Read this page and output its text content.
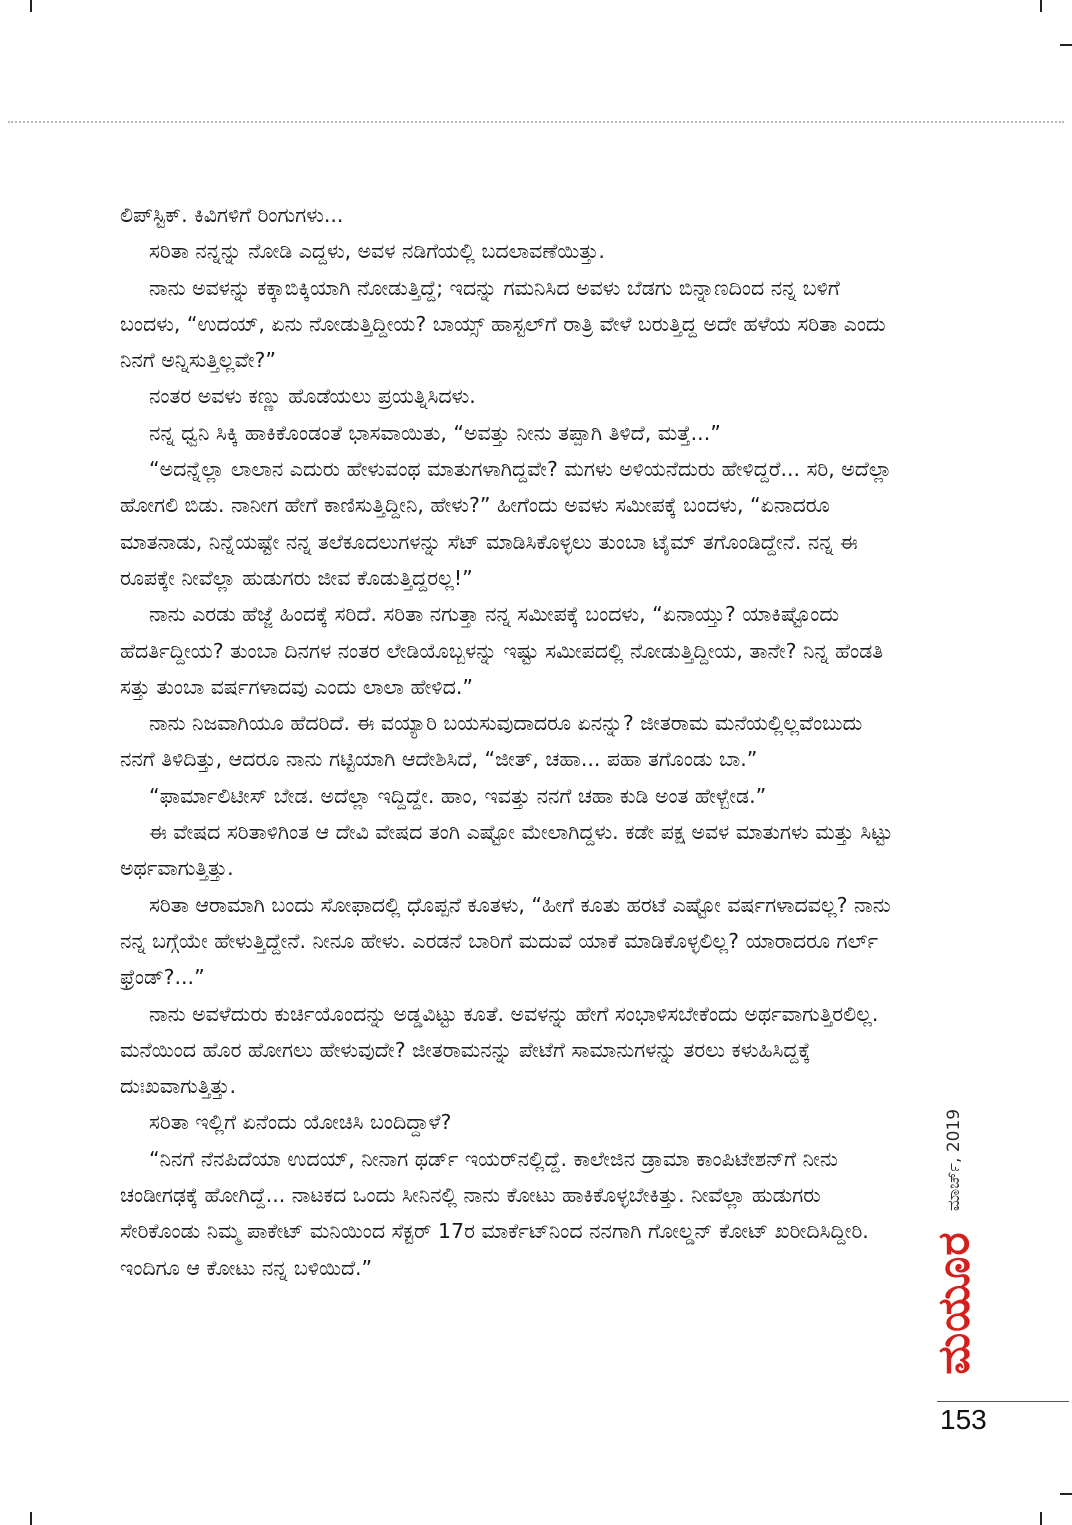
ಲಿಪ್‌ಸ್ಟಿಕ್. ಕಿವಿಗಳಿಗೆ ರಿಂಗುಗಳು...

ಸರಿತಾ ನನ್ನನ್ನು ನೋಡಿ ಎದ್ದಳು, ಅವಳ ನಡಿಗೆಯಲ್ಲಿ ಬದಲಾವಣೆಯಿತ್ತು.

ನಾನು ಅವಳನ್ನು ಕಕ್ಕಾಬಿಕ್ಕಿಯಾಗಿ ನೋಡುತ್ತಿದ್ದೆ; ಇದನ್ನು ಗಮನಿಸಿದ ಅವಳು ಬೆಡಗು ಬಿನ್ನಾಣದಿಂದ ನನ್ನ ಬಳಿಗೆ ಬಂದಳು, “ಉದಯ್, ಏನು ನೋಡುತ್ತಿದ್ದೀಯ? ಬಾಯ್ಸ್ ಹಾಸ್ಟಲ್‌ಗೆ ರಾತ್ರಿ ವೇಳೆ ಬರುತ್ತಿದ್ದ ಅದೇ ಹಳೆಯ ಸರಿತಾ ಎಂದು ನಿನಗೆ ಅನ್ನಿಸುತ್ತಿಲ್ಲವೇ?”

ನಂತರ ಅವಳು ಕಣ್ಣು ಹೊಡೆಯಲು ಪ್ರಯತ್ನಿಸಿದಳು.

ನನ್ನ ಧ್ವನಿ ಸಿಕ್ಕಿ ಹಾಕಿಕೊಂಡಂತೆ ಭಾಸವಾಯಿತು, “ಅವತ್ತು ನೀನು ತಪ್ಪಾಗಿ ತಿಳಿದೆ, ಮತ್ತೆ...”

“ಅದನ್ನೆಲ್ಲಾ ಲಾಲಾನ ಎದುರು ಹೇಳುವಂಥ ಮಾತುಗಳಾಗಿದ್ದವೇ? ಮಗಳು ಅಳಿಯನೆದುರು ಹೇಳಿದ್ದರೆ... ಸರಿ, ಅದೆಲ್ಲಾ ಹೋಗಲಿ ಬಿಡು. ನಾನೀಗ ಹೇಗೆ ಕಾಣಿಸುತ್ತಿದ್ದೀನಿ, ಹೇಳು?” ಹೀಗೆಂದು ಅವಳು ಸಮೀಪಕ್ಕೆ ಬಂದಳು, “ಏನಾದರೂ ಮಾತನಾಡು, ನಿನ್ನೆಯಷ್ಟೇ ನನ್ನ ತಲೆಕೂದಲುಗಳನ್ನು ಸೆಟ್ ಮಾಡಿಸಿಕೊಳ್ಳಲು ತುಂಬಾ ಟೈಮ್ ತಗೊಂಡಿದ್ದೇನೆ. ನನ್ನ ಈ ರೂಪಕ್ಕೇ ನೀವೆಲ್ಲಾ ಹುಡುಗರು ಜೀವ ಕೊಡುತ್ತಿದ್ದರಲ್ಲ!”

ನಾನು ಎರಡು ಹೆಜ್ಜೆ ಹಿಂದಕ್ಕೆ ಸರಿದೆ. ಸರಿತಾ ನಗುತ್ತಾ ನನ್ನ ಸಮೀಪಕ್ಕೆ ಬಂದಳು, “ಏನಾಯ್ತು? ಯಾಕಿಷ್ಟೊಂದು ಹೆದರ್ತಿದ್ದೀಯ? ತುಂಬಾ ದಿನಗಳ ನಂತರ ಲೇಡಿಯೊಬ್ಬಳನ್ನು ಇಷ್ಟು ಸಮೀಪದಲ್ಲಿ ನೋಡುತ್ತಿದ್ದೀಯ, ತಾನೇ? ನಿನ್ನ ಹೆಂಡತಿ ಸತ್ತು ತುಂಬಾ ವರ್ಷಗಳಾದವು ಎಂದು ಲಾಲಾ ಹೇಳಿದ.”

ನಾನು ನಿಜವಾಗಿಯೂ ಹೆದರಿದೆ. ಈ ವಯ್ಯಾರಿ ಬಯಸುವುದಾದರೂ ಏನನ್ನು? ಜೀತರಾಮ ಮನೆಯಲ್ಲಿಲ್ಲವೆಂಬುದು ನನಗೆ ತಿಳಿದಿತ್ತು, ಆದರೂ ನಾನು ಗಟ್ಟಿಯಾಗಿ ಆದೇಶಿಸಿದೆ, “ಜೀತ್, ಚಹಾ... ಪಹಾ ತಗೊಂಡು ಬಾ.”

“ಫಾರ್ಮಾಲಿಟೀಸ್ ಬೇಡ. ಅದೆಲ್ಲಾ ಇದ್ದಿದ್ದೇ. ಹಾಂ, ಇವತ್ತು ನನಗೆ ಚಹಾ ಕುಡಿ ಅಂತ ಹೇಳ್ಬೇಡ.”

ಈ ವೇಷದ ಸರಿತಾಳಿಗಿಂತ ಆ ದೇವಿ ವೇಷದ ತಂಗಿ ಎಷ್ಟೋ ಮೇಲಾಗಿದ್ದಳು. ಕಡೇ ಪಕ್ಷ ಅವಳ ಮಾತುಗಳು ಮತ್ತು ಸಿಟ್ಟು ಅರ್ಥವಾಗುತ್ತಿತ್ತು.

ಸರಿತಾ ಆರಾಮಾಗಿ ಬಂದು ಸೋಫಾದಲ್ಲಿ ಧೊಪ್ಪನೆ ಕೂತಳು, “ಹೀಗೆ ಕೂತು ಹರಟೆ ಎಷ್ಟೋ ವರ್ಷಗಳಾದವಲ್ಲ? ನಾನು ನನ್ನ ಬಗ್ಗೆಯೇ ಹೇಳುತ್ತಿದ್ದೇನೆ. ನೀನೂ ಹೇಳು. ಎರಡನೆ ಬಾರಿಗೆ ಮದುವೆ ಯಾಕೆ ಮಾಡಿಕೊಳ್ಳಲಿಲ್ಲ? ಯಾರಾದರೂ ಗರ್ಲ್ ಫ್ರೆಂಡ್?...”

ನಾನು ಅವಳೆದುರು ಕುರ್ಚಿಯೊಂದನ್ನು ಅಡ್ಡವಿಟ್ಟು ಕೂತೆ. ಅವಳನ್ನು ಹೇಗೆ ಸಂಭಾಳಿಸಬೇಕೆಂದು ಅರ್ಥವಾಗುತ್ತಿರಲಿಲ್ಲ. ಮನೆಯಿಂದ ಹೊರ ಹೋಗಲು ಹೇಳುವುದೇ? ಜೀತರಾಮನನ್ನು ಪೇಟೆಗೆ ಸಾಮಾನುಗಳನ್ನು ತರಲು ಕಳುಹಿಸಿದ್ದಕ್ಕೆ ದುಃಖವಾಗುತ್ತಿತ್ತು.

ಸರಿತಾ ಇಲ್ಲಿಗೆ ಏನೆಂದು ಯೋಚಿಸಿ ಬಂದಿದ್ದಾಳೆ?

“ನಿನಗೆ ನೆನಪಿದೆಯಾ ಉದಯ್, ನೀನಾಗ ಥರ್ಡ್ ಇಯರ್‌ನಲ್ಲಿದ್ದೆ. ಕಾಲೇಜಿನ ಡ್ರಾಮಾ ಕಾಂಪಿಟೇಶನ್‌ಗೆ ನೀನು ಚಂಡೀಗಢಕ್ಕೆ ಹೋಗಿದ್ದೆ... ನಾಟಕದ ಒಂದು ಸೀನಿನಲ್ಲಿ ನಾನು ಕೋಟು ಹಾಕಿಕೊಳ್ಳಬೇಕಿತ್ತು. ನೀವೆಲ್ಲಾ ಹುಡುಗರು ಸೇರಿಕೊಂಡು ನಿಮ್ಮ ಪಾಕೇಟ್ ಮನಿಯಿಂದ ಸೆಕ್ಟರ್ 17ರ ಮಾರ್ಕೆಟ್‌ನಿಂದ ನನಗಾಗಿ ಗೋಲ್ಡನ್ ಕೋಟ್ ಖರೀದಿಸಿದ್ದೀರಿ. ಇಂದಿಗೂ ಆ ಕೋಟು ನನ್ನ ಬಳಿಯಿದೆ.”

ಮಾರ್ಚ್, 2019
ಮಯೂರ
153
